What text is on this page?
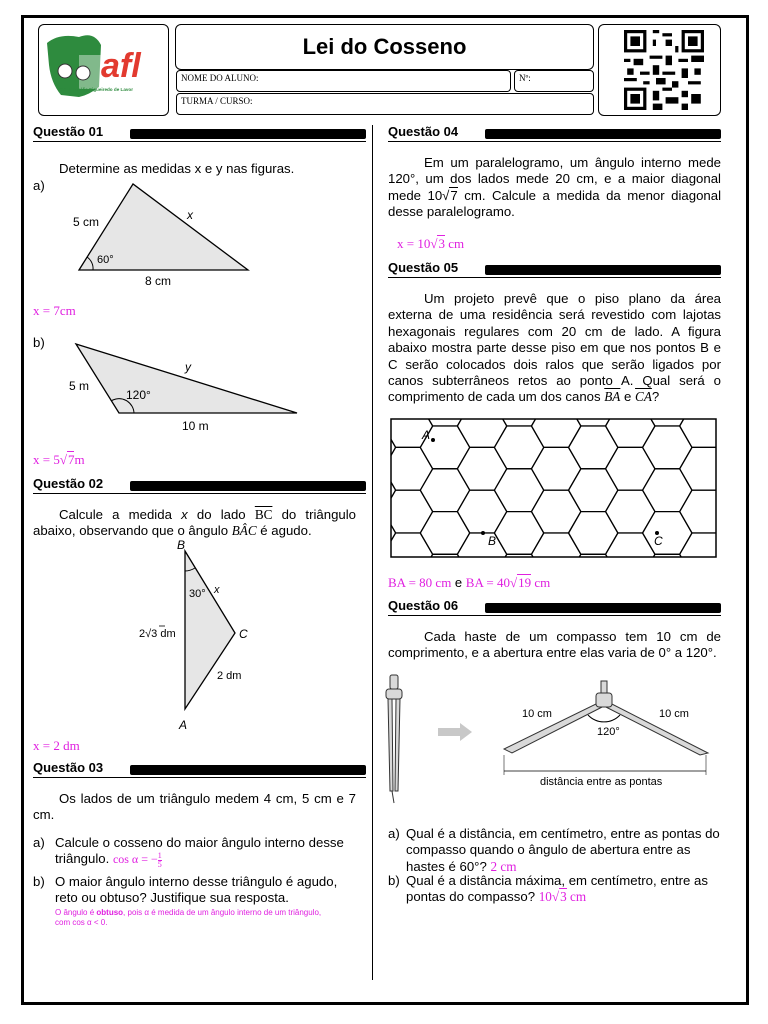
afl
CCEP Amélia Figueiredo de Lavor
Lei do Cosseno
NOME DO ALUNO:	Nº:
TURMA / CURSO:
Questão 01
Determine as medidas x e y nas figuras.
a)
5 cm	x
60°
8 cm
x = 7cm
b)
5 m
y
120°
10 m
x = 5√7m
Questão 02
Calcule a medida x do lado $\overline{BC}$ do triângulo abaixo, observando que o ângulo BÂC é agudo.
B
C
A
30° x
2√3 dm
2 dm
x = 2 dm
Questão 03
Os lados de um triângulo medem 4 cm, 5 cm e 7 cm.
a) Calcule o cosseno do maior ângulo interno desse triângulo. cos α = − $\frac{1}{5}$
b) O maior ângulo interno desse triângulo é agudo, reto ou obtuso? Justifique sua resposta.
O ângulo é obtuso, pois α é medida de um ângulo interno de um triângulo,
com cos α < 0.
Questão 04
Em um paralelogramo, um ângulo interno mede 120°, um dos lados mede 20 cm, e a maior diagonal mede 10√7 cm. Calcule a medida da menor diagonal desse paralelogramo.
x = 10√3 cm
Questão 05
Um projeto prevê que o piso plano da área externa de uma residência será revestido com lajotas hexagonais regulares com 20 cm de lado. A figura abaixo mostra parte desse piso em que nos pontos B e C serão colocados dois ralos que serão ligados por canos subterrâneos retos ao ponto A. Qual será o comprimento de cada um dos canos $\overline{BA}$ e $\overline{CA}$?
A
B	C
BA = 80 cm e BA = 40√19 cm
Questão 06
Cada haste de um compasso tem 10 cm de comprimento, e a abertura entre elas varia de 0° a 120°.
10 cm	10 cm
120°
distância entre as pontas
a) Qual é a distância, em centímetro, entre as pontas do compasso quando o ângulo de abertura entre as hastes é 60°? 2 cm
b) Qual é a distância máxima, em centímetro, entre as pontas do compasso? 10√3 cm
